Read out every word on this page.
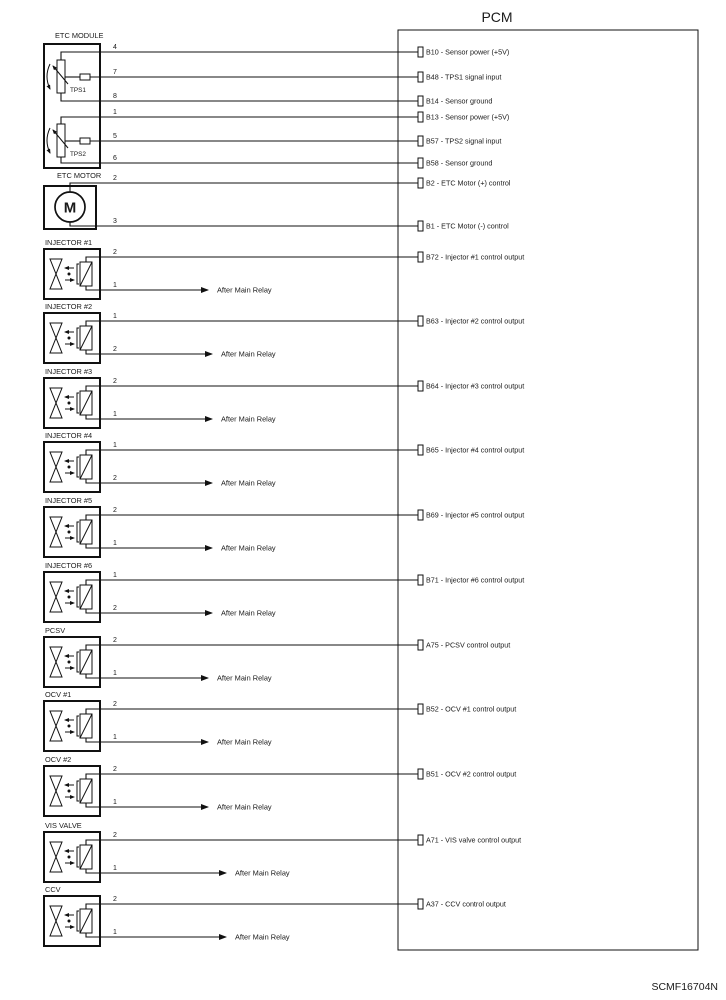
PCM
ETC MODULE
4	B10 - Sensor power (+5V)
7	B48 - TPS1 signal input
8	B14 - Sensor ground
TPS1
1	B13 - Sensor power (+5V)
5	B57 - TPS2 signal input
6	B58 - Sensor ground
TPS2
ETC MOTOR
M
2	B2 - ETC Motor (+) control
3	B1 - ETC Motor (-) control
INJECTOR #1
2	B72 - Injector #1 control output
1	After Main Relay
INJECTOR #2
1	B63 - Injector #2 control output
2	After Main Relay
INJECTOR #3
2	B64 - Injector #3 control output
1	After Main Relay
INJECTOR #4
1	B65 - Injector #4 control output
2	After Main Relay
INJECTOR #5
2	B69 - Injector #5 control output
1	After Main Relay
INJECTOR #6
1	B71 - Injector #6 control output
2	After Main Relay
PCSV
2	A75 - PCSV control output
1	After Main Relay
OCV #1
2	B52 - OCV #1 control output
1	After Main Relay
OCV #2
2	B51 - OCV #2 control output
1	After Main Relay
VIS VALVE
2	A71 - VIS valve control output
1	After Main Relay
CCV
2	A37 - CCV control output
1	After Main Relay
SCMF16704N
